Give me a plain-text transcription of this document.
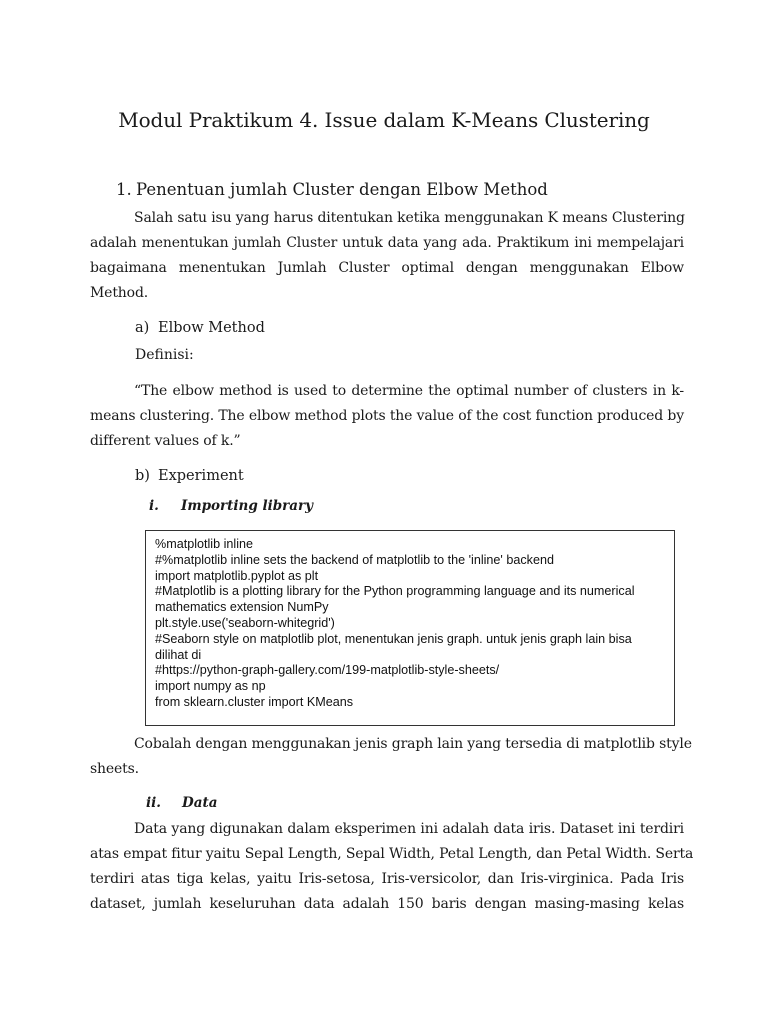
Modul Praktikum 4. Issue dalam K-Means Clustering
1. Penentuan jumlah Cluster dengan Elbow Method
Salah satu isu yang harus ditentukan ketika menggunakan K means Clustering
adalah menentukan jumlah Cluster untuk data yang ada. Praktikum ini mempelajari
bagaimana menentukan Jumlah Cluster optimal dengan menggunakan Elbow
Method.
a) Elbow Method
Definisi:
“The elbow method is used to determine the optimal number of clusters in k-
means clustering. The elbow method plots the value of the cost function produced by
different values of k.”
b) Experiment
i. Importing library
%matplotlib inline
#%matplotlib inline sets the backend of matplotlib to the 'inline' backend
import matplotlib.pyplot as plt
#Matplotlib is a plotting library for the Python programming language and its numerical
mathematics extension NumPy
plt.style.use('seaborn-whitegrid')
#Seaborn style on matplotlib plot, menentukan jenis graph. untuk jenis graph lain bisa
dilihat di
#https://python-graph-gallery.com/199-matplotlib-style-sheets/
import numpy as np
from sklearn.cluster import KMeans
Cobalah dengan menggunakan jenis graph lain yang tersedia di matplotlib style
sheets.
ii. Data
Data yang digunakan dalam eksperimen ini adalah data iris. Dataset ini terdiri
atas empat fitur yaitu Sepal Length, Sepal Width, Petal Length, dan Petal Width. Serta
terdiri atas tiga kelas, yaitu Iris-setosa, Iris-versicolor, dan Iris-virginica. Pada Iris
dataset, jumlah keseluruhan data adalah 150 baris dengan masing-masing kelas
